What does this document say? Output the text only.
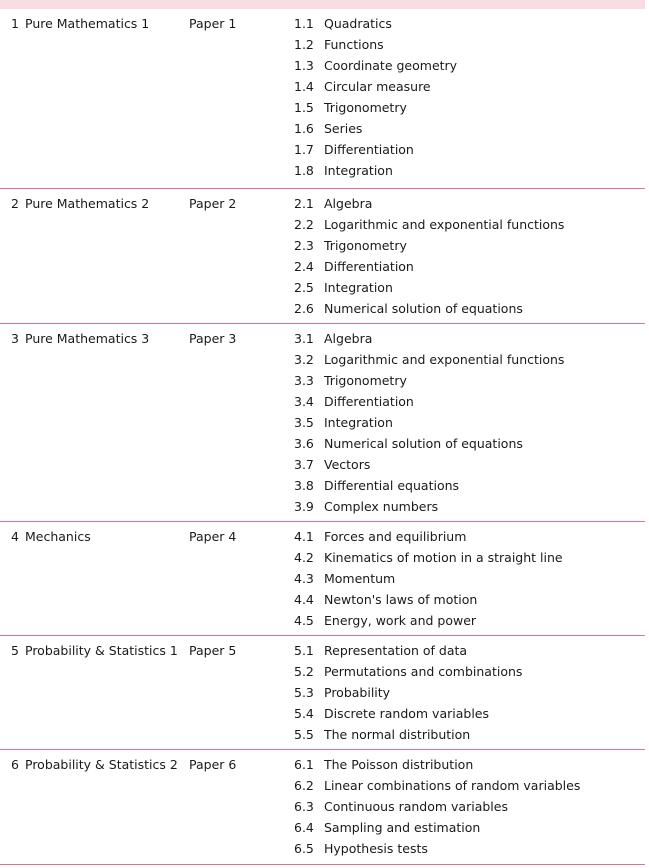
1 Pure Mathematics 1	Paper 1	1.1 Quadratics
1.2 Functions
1.3 Coordinate geometry
1.4 Circular measure
1.5 Trigonometry
1.6 Series
1.7 Differentiation
1.8 Integration
2 Pure Mathematics 2	Paper 2	2.1 Algebra
2.2 Logarithmic and exponential functions
2.3 Trigonometry
2.4 Differentiation
2.5 Integration
2.6 Numerical solution of equations
3 Pure Mathematics 3	Paper 3	3.1 Algebra
3.2 Logarithmic and exponential functions
3.3 Trigonometry
3.4 Differentiation
3.5 Integration
3.6 Numerical solution of equations
3.7 Vectors
3.8 Differential equations
3.9 Complex numbers
4 Mechanics	Paper 4	4.1 Forces and equilibrium
4.2 Kinematics of motion in a straight line
4.3 Momentum
4.4 Newton's laws of motion
4.5 Energy, work and power
5 Probability & Statistics 1 Paper 5	5.1 Representation of data
5.2 Permutations and combinations
5.3 Probability
5.4 Discrete random variables
5.5 The normal distribution
6 Probability & Statistics 2 Paper 6	6.1 The Poisson distribution
6.2 Linear combinations of random variables
6.3 Continuous random variables
6.4 Sampling and estimation
6.5 Hypothesis tests
